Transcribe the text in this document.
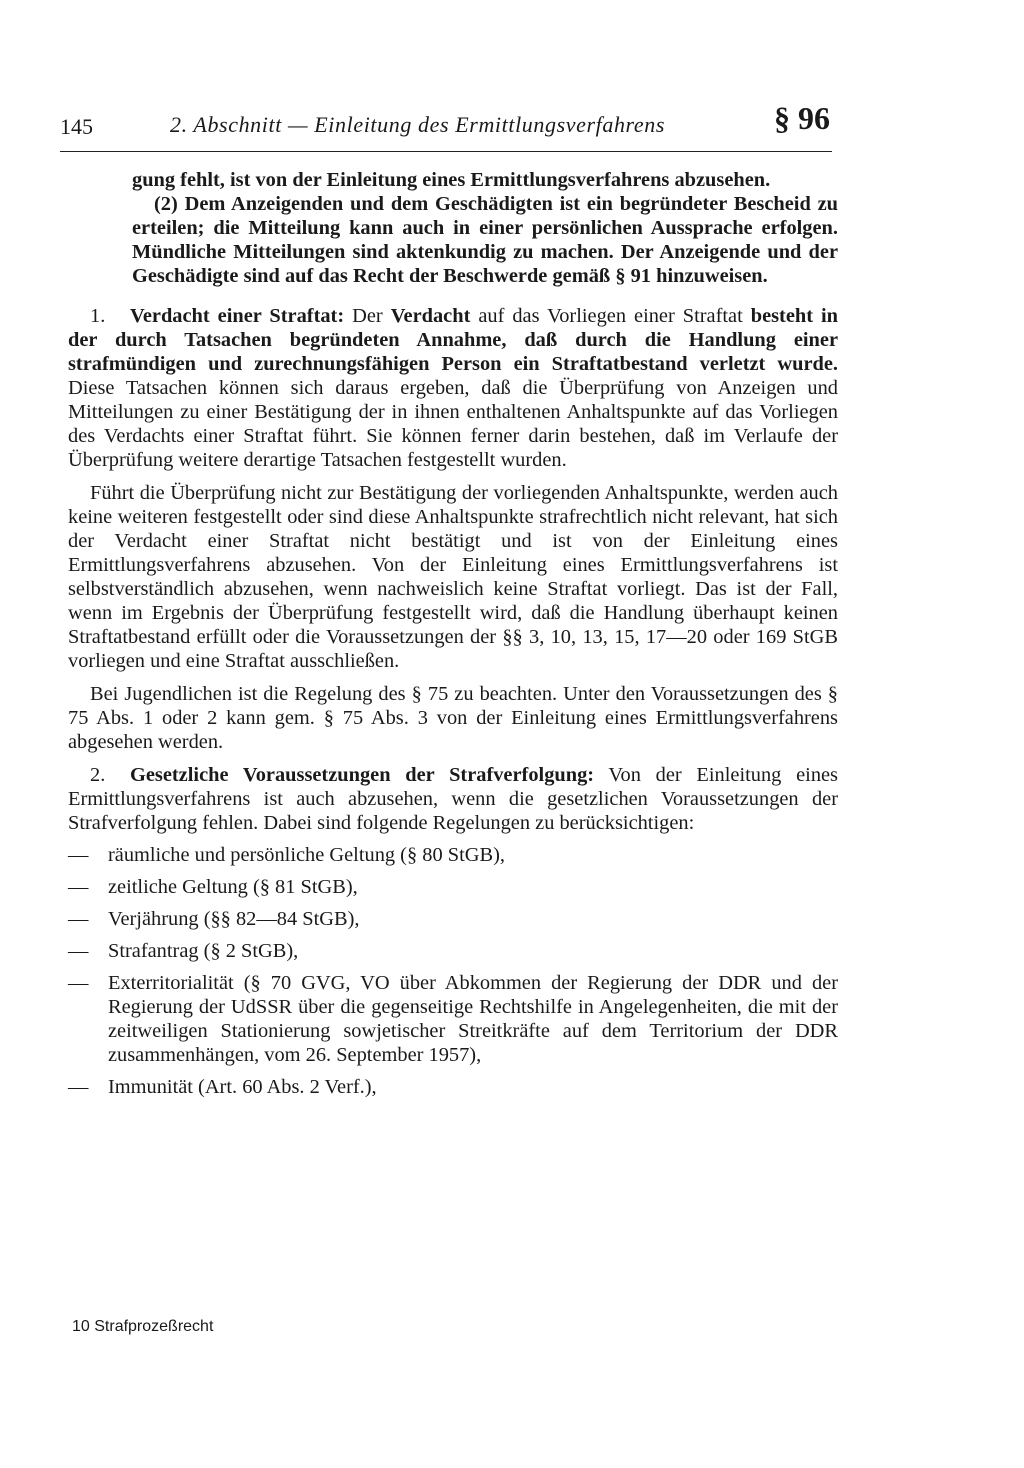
145	2. Abschnitt — Einleitung des Ermittlungsverfahrens	§ 96

gung fehlt, ist von der Einleitung eines Ermittlungsverfahrens abzusehen.

(2) Dem Anzeigenden und dem Geschädigten ist ein begründeter Bescheid zu erteilen; die Mitteilung kann auch in einer persönlichen Aussprache erfolgen. Mündliche Mitteilungen sind aktenkundig zu machen. Der Anzeigende und der Geschädigte sind auf das Recht der Beschwerde gemäß § 91 hinzuweisen.

1. Verdacht einer Straftat: Der Verdacht auf das Vorliegen einer Straftat besteht in der durch Tatsachen begründeten Annahme, daß durch die Handlung einer strafmündigen und zurechnungsfähigen Person ein Straftatbestand verletzt wurde. Diese Tatsachen können sich daraus ergeben, daß die Überprüfung von Anzeigen und Mitteilungen zu einer Bestätigung der in ihnen enthaltenen Anhaltspunkte auf das Vorliegen des Verdachts einer Straftat führt. Sie können ferner darin bestehen, daß im Verlaufe der Überprüfung weitere derartige Tatsachen festgestellt wurden.

Führt die Überprüfung nicht zur Bestätigung der vorliegenden Anhaltspunkte, werden auch keine weiteren festgestellt oder sind diese Anhaltspunkte strafrechtlich nicht relevant, hat sich der Verdacht einer Straftat nicht bestätigt und ist von der Einleitung eines Ermittlungsverfahrens abzusehen. Von der Einleitung eines Ermittlungsverfahrens ist selbstverständlich abzusehen, wenn nachweislich keine Straftat vorliegt. Das ist der Fall, wenn im Ergebnis der Überprüfung festgestellt wird, daß die Handlung überhaupt keinen Straftatbestand erfüllt oder die Voraussetzungen der §§ 3, 10, 13, 15, 17—20 oder 169 StGB vorliegen und eine Straftat ausschließen.

Bei Jugendlichen ist die Regelung des § 75 zu beachten. Unter den Voraussetzungen des § 75 Abs. 1 oder 2 kann gem. § 75 Abs. 3 von der Einleitung eines Ermittlungsverfahrens abgesehen werden.

2. Gesetzliche Voraussetzungen der Strafverfolgung: Von der Einleitung eines Ermittlungsverfahrens ist auch abzusehen, wenn die gesetzlichen Voraussetzungen der Strafverfolgung fehlen. Dabei sind folgende Regelungen zu berücksichtigen:

— räumliche und persönliche Geltung (§ 80 StGB),
— zeitliche Geltung (§ 81 StGB),
— Verjährung (§§ 82—84 StGB),
— Strafantrag (§ 2 StGB),
— Exterritorialität (§ 70 GVG, VO über Abkommen der Regierung der DDR und der Regierung der UdSSR über die gegenseitige Rechtshilfe in Angelegenheiten, die mit der zeitweiligen Stationierung sowjetischer Streitkräfte auf dem Territorium der DDR zusammenhängen, vom 26. September 1957),
— Immunität (Art. 60 Abs. 2 Verf.),
10 Strafprozeßrecht
